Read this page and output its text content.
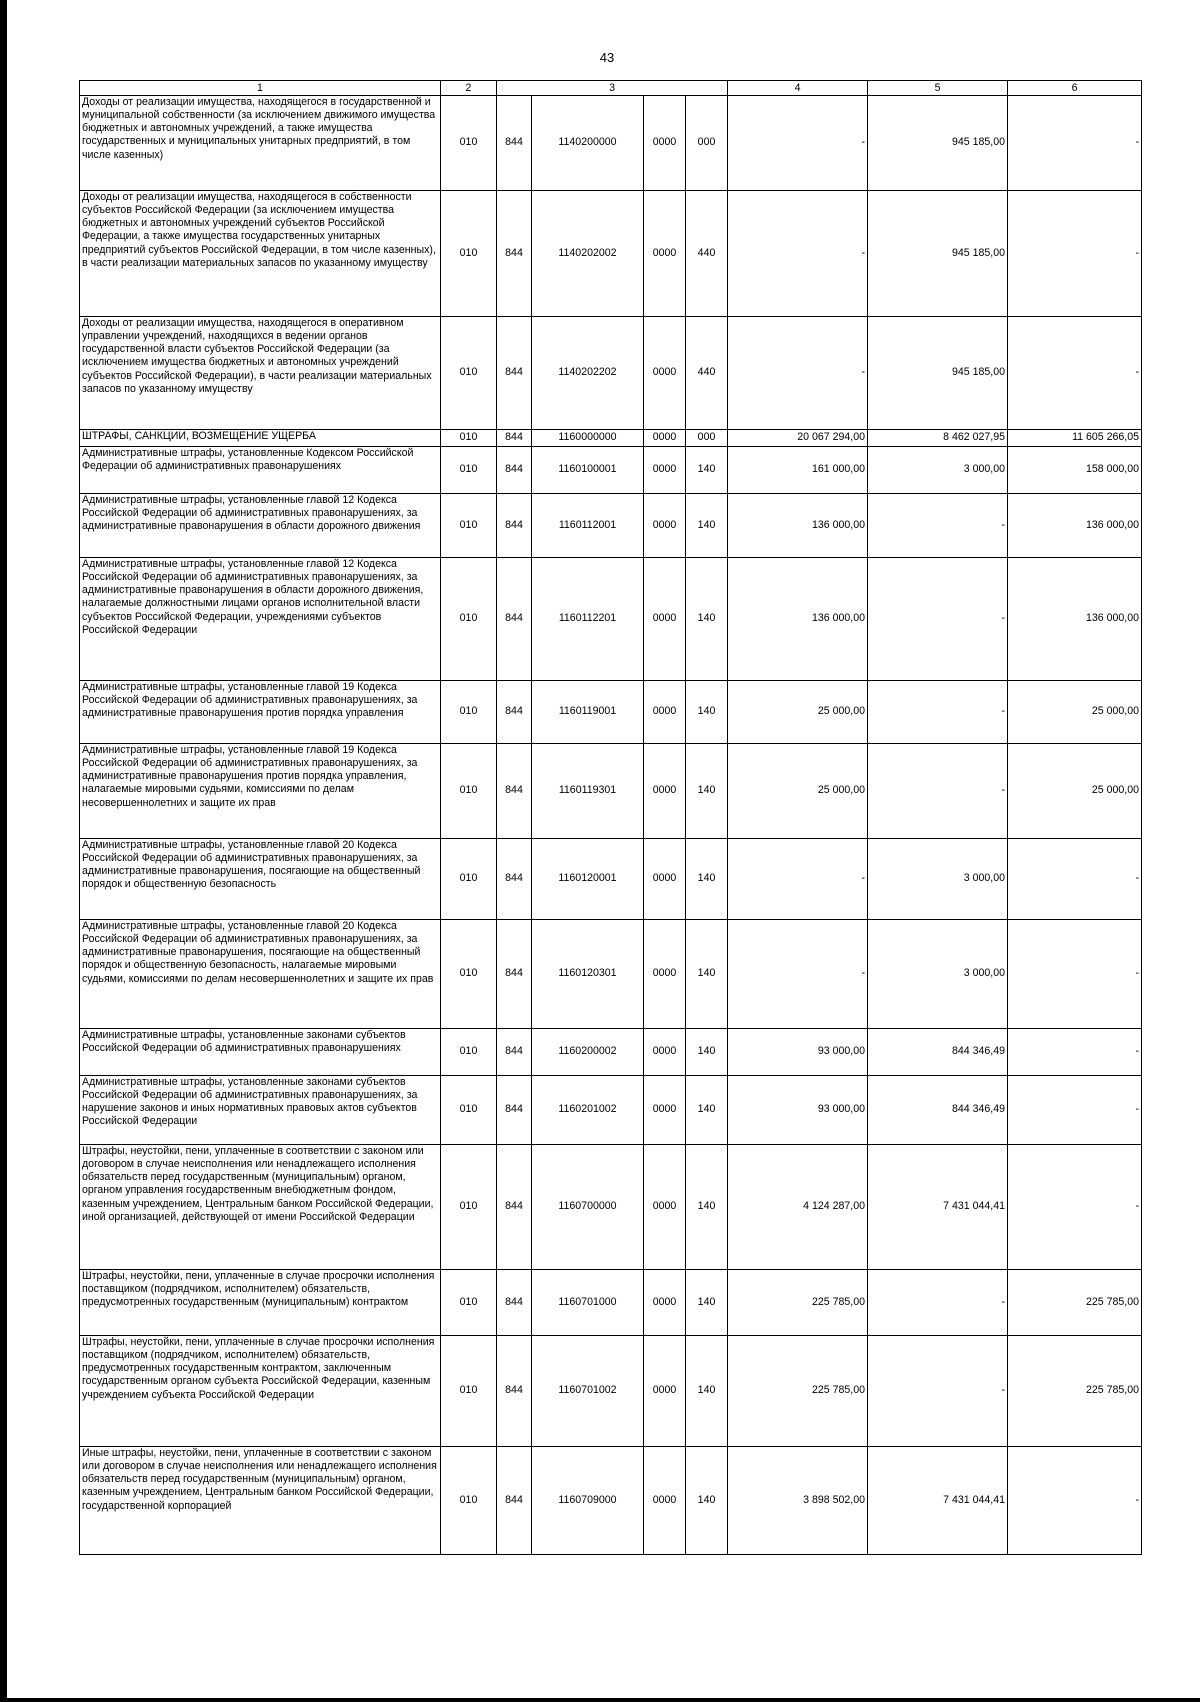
43
1	2	3				4	5	6
Доходы от реализации имущества, находящегося в государственной и муниципальной собственности (за исключением движимого имущества бюджетных и автономных учреждений, а также имущества государственных и муниципальных унитарных предприятий, в том числе казенных)	010	844	1140200000	0000	000	-	945 185,00	-
Доходы от реализации имущества, находящегося в собственности субъектов Российской Федерации (за исключением имущества бюджетных и автономных учреждений субъектов Российской Федерации, а также имущества государственных унитарных предприятий субъектов Российской Федерации, в том числе казенных), в части реализации материальных запасов по указанному имуществу	010	844	1140202002	0000	440	-	945 185,00	-
Доходы от реализации имущества, находящегося в оперативном управлении учреждений, находящихся в ведении органов государственной власти субъектов Российской Федерации (за исключением имущества бюджетных и автономных учреждений субъектов Российской Федерации), в части реализации материальных запасов по указанному имуществу	010	844	1140202202	0000	440	-	945 185,00	-
ШТРАФЫ, САНКЦИИ, ВОЗМЕЩЕНИЕ УЩЕРБА	010	844	1160000000	0000	000	20 067 294,00	8 462 027,95	11 605 266,05
Административные штрафы, установленные Кодексом Российской Федерации об административных правонарушениях	010	844	1160100001	0000	140	161 000,00	3 000,00	158 000,00
Административные штрафы, установленные главой 12 Кодекса Российской Федерации об административных правонарушениях, за административные правонарушения в области дорожного движения	010	844	1160112001	0000	140	136 000,00	-	136 000,00
Административные штрафы, установленные главой 12 Кодекса Российской Федерации об административных правонарушениях, за административные правонарушения в области дорожного движения, налагаемые должностными лицами органов исполнительной власти субъектов Российской Федерации, учреждениями субъектов Российской Федерации	010	844	1160112201	0000	140	136 000,00	-	136 000,00
Административные штрафы, установленные главой 19 Кодекса Российской Федерации об административных правонарушениях, за административные правонарушения против порядка управления	010	844	1160119001	0000	140	25 000,00	-	25 000,00
Административные штрафы, установленные главой 19 Кодекса Российской Федерации об административных правонарушениях, за административные правонарушения против порядка управления, налагаемые мировыми судьями, комиссиями по делам несовершеннолетних и защите их прав	010	844	1160119301	0000	140	25 000,00	-	25 000,00
Административные штрафы, установленные главой 20 Кодекса Российской Федерации об административных правонарушениях, за административные правонарушения, посягающие на общественный порядок и общественную безопасность	010	844	1160120001	0000	140	-	3 000,00	-
Административные штрафы, установленные главой 20 Кодекса Российской Федерации об административных правонарушениях, за административные правонарушения, посягающие на общественный порядок и общественную безопасность, налагаемые мировыми судьями, комиссиями по делам несовершеннолетних и защите их прав	010	844	1160120301	0000	140	-	3 000,00	-
Административные штрафы, установленные законами субъектов Российской Федерации об административных правонарушениях	010	844	1160200002	0000	140	93 000,00	844 346,49	-
Административные штрафы, установленные законами субъектов Российской Федерации об административных правонарушениях, за нарушение законов и иных нормативных правовых актов субъектов Российской Федерации	010	844	1160201002	0000	140	93 000,00	844 346,49	-
Штрафы, неустойки, пени, уплаченные в соответствии с законом или договором в случае неисполнения или ненадлежащего исполнения обязательств перед государственным (муниципальным) органом, органом управления государственным внебюджетным фондом, казенным учреждением, Центральным банком Российской Федерации, иной организацией, действующей от имени Российской Федерации	010	844	1160700000	0000	140	4 124 287,00	7 431 044,41	-
Штрафы, неустойки, пени, уплаченные в случае просрочки исполнения поставщиком (подрядчиком, исполнителем) обязательств, предусмотренных государственным (муниципальным) контрактом	010	844	1160701000	0000	140	225 785,00	-	225 785,00
Штрафы, неустойки, пени, уплаченные в случае просрочки исполнения поставщиком (подрядчиком, исполнителем) обязательств, предусмотренных государственным контрактом, заключенным государственным органом субъекта Российской Федерации, казенным учреждением субъекта Российской Федерации	010	844	1160701002	0000	140	225 785,00	-	225 785,00
Иные штрафы, неустойки, пени, уплаченные в соответствии с законом или договором в случае неисполнения или ненадлежащего исполнения обязательств перед государственным (муниципальным) органом, казенным учреждением, Центральным банком Российской Федерации, государственной корпорацией	010	844	1160709000	0000	140	3 898 502,00	7 431 044,41	-
